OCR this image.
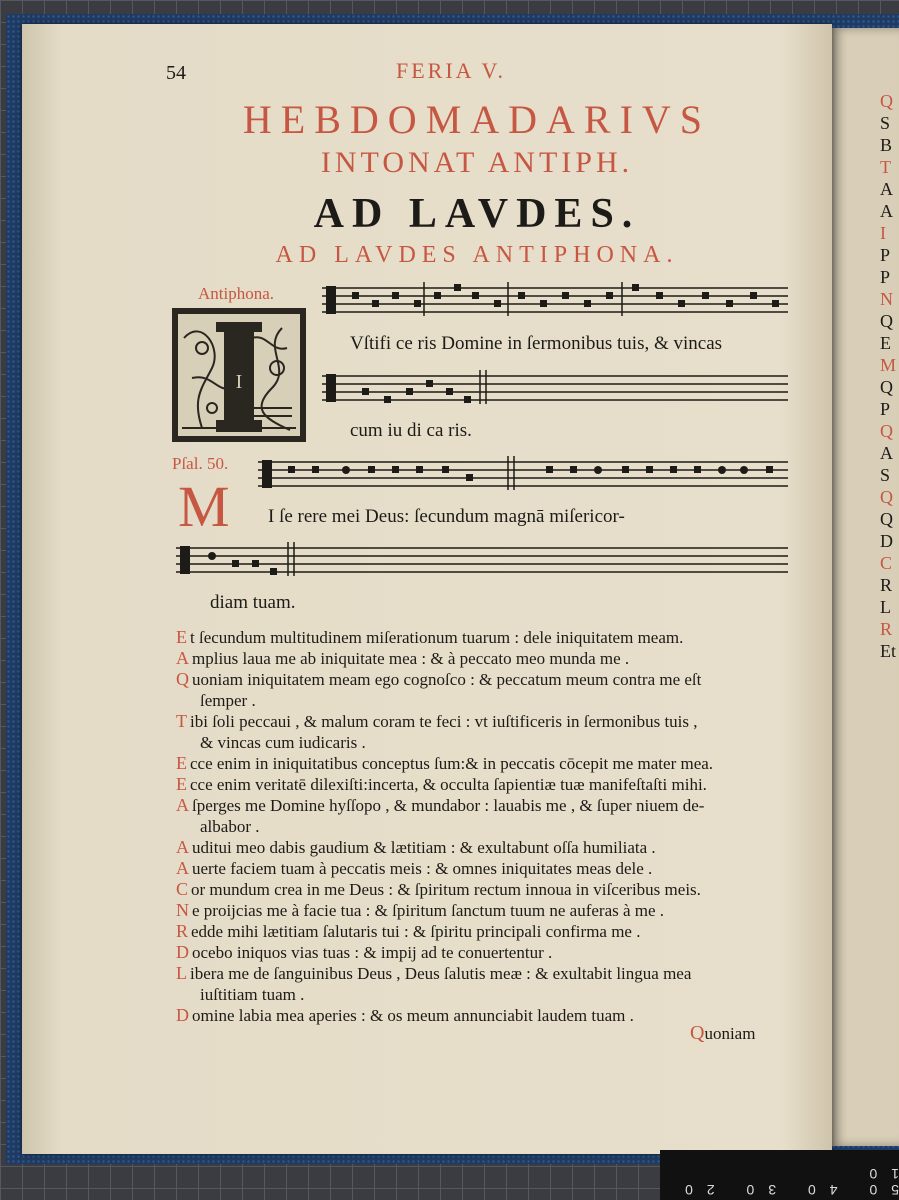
Q
S
B
T
A
A
I
P
P
N
Q
E
M
Q
P
Q
A
S
Q
Q
D
C
R
L
R
Et
54	FERIA V.
HEBDOMADARIVS
INTONAT ANTIPH.
AD LAVDES.
AD LAVDES ANTIPHONA.
Antiphona.
I
Vſtifi ce ris Domine in ſermonibus tuis, & vincas
cum iu di ca ris.
Pſal. 50.
M I ſe rere mei Deus: ſecundum magnā miſericor-
diam tuam.
E t ſecundum multitudinem miſerationum tuarum : dele iniquitatem meam.
A mplius laua me ab iniquitate mea : & à peccato meo munda me .
Q uoniam iniquitatem meam ego cognoſco : & peccatum meum contra me eſt
ſemper .
T ibi ſoli peccaui , & malum coram te feci : vt iuſtificeris in ſermonibus tuis ,
& vincas cum iudicaris .
E cce enim in iniquitatibus conceptus ſum:& in peccatis cōcepit me mater mea.
E cce enim veritatē dilexiſti:incerta, & occulta ſapientiæ tuæ manifeſtaſti mihi.
A ſperges me Domine hyſſopo , & mundabor : lauabis me , & ſuper niuem de-
albabor .
A uditui meo dabis gaudium & lætitiam : & exultabunt oſſa humiliata .
A uerte faciem tuam à peccatis meis : & omnes iniquitates meas dele .
C or mundum crea in me Deus : & ſpiritum rectum innoua in viſceribus meis.
N e proijcias me à facie tua : & ſpiritum ſanctum tuum ne auferas à me .
R edde mihi lætitiam ſalutaris tui : & ſpiritu principali confirma me .
D ocebo iniquos vias tuas : & impij ad te conuertentur .
L ibera me de ſanguinibus Deus , Deus ſalutis meæ : & exultabit lingua mea
iuſtitiam tuam .
D omine labia mea aperies : & os meum annunciabit laudem tuam .
Quoniam
50 40 30 20 10
